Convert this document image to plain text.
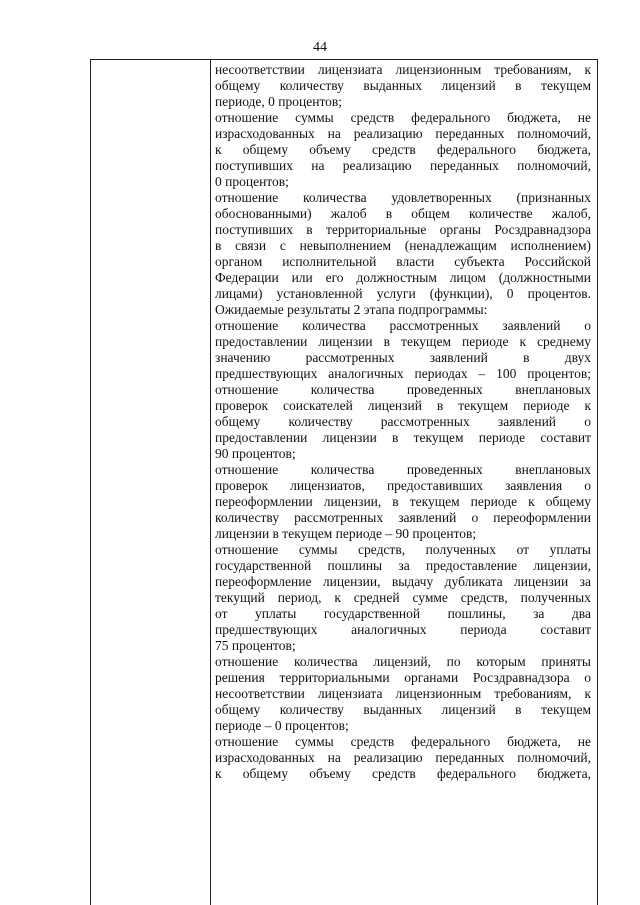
44
несоответствии лицензиата лицензионным требованиям, к
общему количеству выданных лицензий в текущем
периоде, 0 процентов;
отношение суммы средств федерального бюджета, не
израсходованных на реализацию переданных полномочий,
к общему объему средств федерального бюджета,
поступивших на реализацию переданных полномочий,
0 процентов;
отношение количества удовлетворенных (признанных
обоснованными) жалоб в общем количестве жалоб,
поступивших в территориальные органы Росздравнадзора
в связи с невыполнением (ненадлежащим исполнением)
органом исполнительной власти субъекта Российской
Федерации или его должностным лицом (должностными
лицами) установленной услуги (функции), 0 процентов.
Ожидаемые результаты 2 этапа подпрограммы:
отношение количества рассмотренных заявлений о
предоставлении лицензии в текущем периоде к среднему
значению рассмотренных заявлений в двух
предшествующих аналогичных периодах – 100 процентов;
отношение количества проведенных внеплановых
проверок соискателей лицензий в текущем периоде к
общему количеству рассмотренных заявлений о
предоставлении лицензии в текущем периоде составит
90 процентов;
отношение количества проведенных внеплановых
проверок лицензиатов, предоставивших заявления о
переоформлении лицензии, в текущем периоде к общему
количеству рассмотренных заявлений о переоформлении
лицензии в текущем периоде – 90 процентов;
отношение суммы средств, полученных от уплаты
государственной пошлины за предоставление лицензии,
переоформление лицензии, выдачу дубликата лицензии за
текущий период, к средней сумме средств, полученных
от уплаты государственной пошлины, за два
предшествующих аналогичных периода составит
75 процентов;
отношение количества лицензий, по которым приняты
решения территориальными органами Росздравнадзора о
несоответствии лицензиата лицензионным требованиям, к
общему количеству выданных лицензий в текущем
периоде – 0 процентов;
отношение суммы средств федерального бюджета, не
израсходованных на реализацию переданных полномочий,
к общему объему средств федерального бюджета,
